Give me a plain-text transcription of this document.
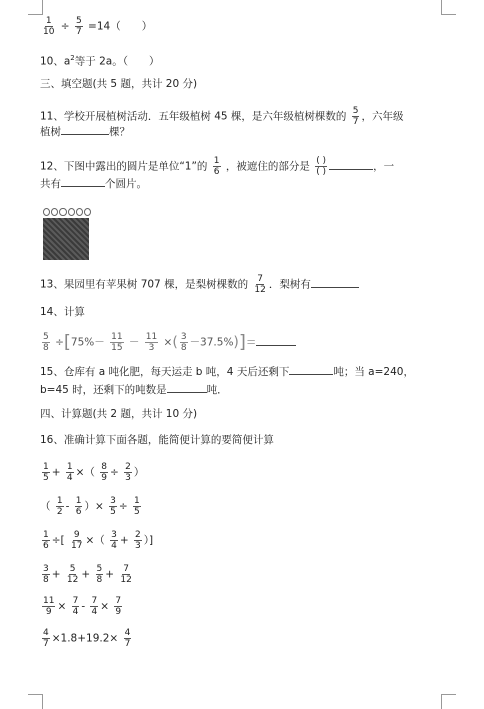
$\frac{1}{10} \div \frac{5}{7} =14$（　　）
10、$a^2$等于 2a。（　　）
三、填空题(共 5 题，共计 20 分)
11、学校开展植树活动．五年级植树 45 棵，是六年级植树棵数的 $\frac{5}{7}$ ，六年级
植树	棵？
12、下图中露出的圆片是单位“1”的 $\frac{1}{6}$ ，被遮住的部分是 $\frac{( )}{( )}$	，一
共有	个圆片。
13、果园里有苹果树 707 棵，是梨树棵数的 $\frac{7}{12}$ ．梨树有
14、计算
$\frac{5}{8} \div[75\%- \frac{11}{15} - \frac{11}{3}$ ×( $\frac{3}{8} -37.5\%)]=$
15、仓库有 a 吨化肥，每天运走 b 吨，4 天后还剩下	吨；当 a=240，
b=45 时，还剩下的吨数是	吨．
四、计算题(共 2 题，共计 10 分)
16、准确计算下面各题，能简便计算的要简便计算
$\frac{1}{5} + \frac{1}{4}$ ×（ $\frac{8}{9} \div \frac{2}{3}$ ）
（ $\frac{1}{2} - \frac{1}{6}$ ）× $\frac{3}{5} \div \frac{1}{5}$
$\frac{1}{6}$ ÷[ $\frac{9}{17}$ ×（ $\frac{3}{4} + \frac{2}{3}$ ）]
$\frac{3}{8} + \frac{5}{12} + \frac{5}{8} + \frac{7}{12}$
$\frac{11}{9} \times \frac{7}{4} - \frac{7}{4} \times \frac{7}{9}$
$\frac{4}{7} \times 1.8+19.2\times \frac{4}{7}$
